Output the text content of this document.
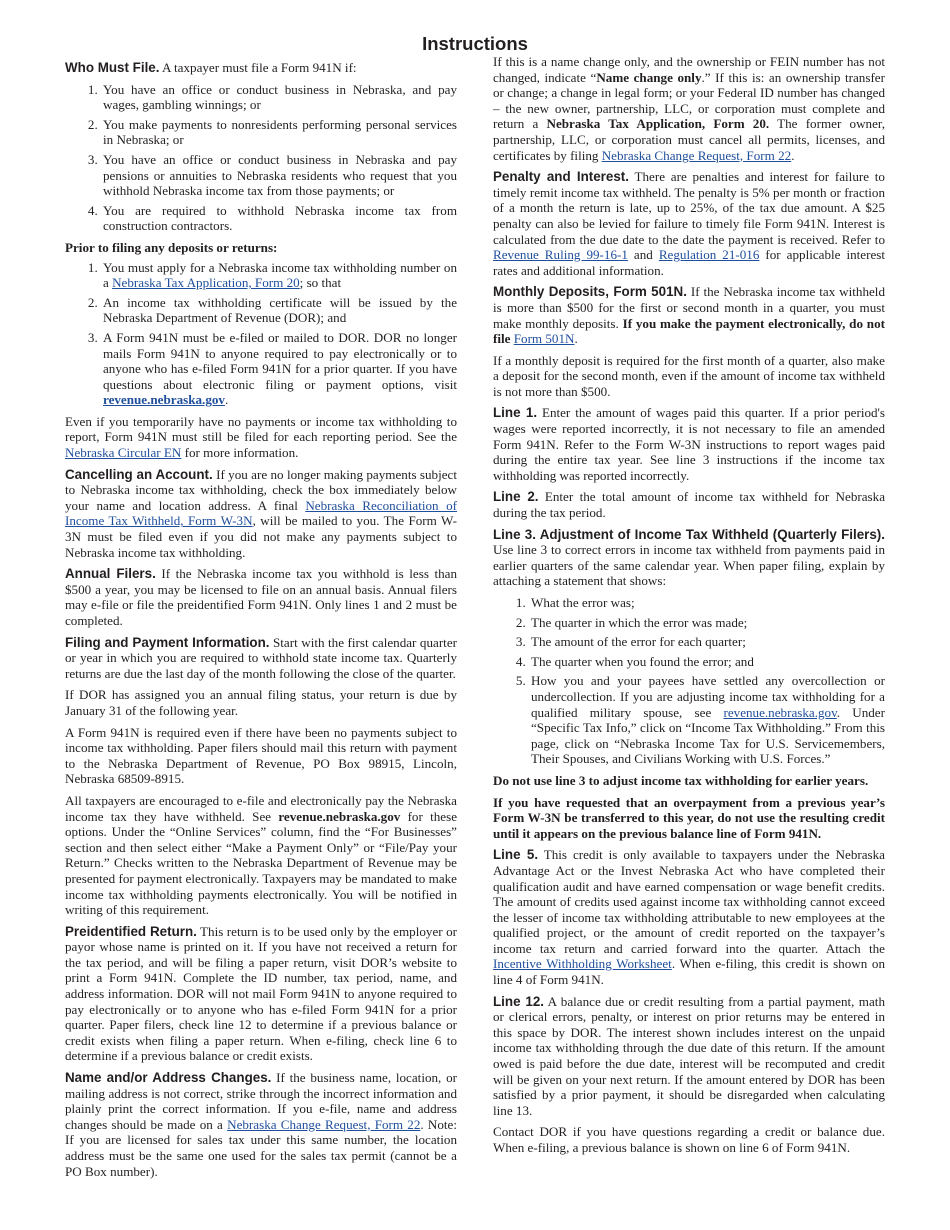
Instructions

Who Must File. A taxpayer must file a Form 941N if:

1. You have an office or conduct business in Nebraska, and pay wages, gambling winnings; or
2. You make payments to nonresidents performing personal services in Nebraska; or
3. You have an office or conduct business in Nebraska and pay pensions or annuities to Nebraska residents who request that you withhold Nebraska income tax from those payments; or
4. You are required to withhold Nebraska income tax from construction contractors.
Prior to filing any deposits or returns:
1. You must apply for a Nebraska income tax withholding number on a Nebraska Tax Application, Form 20; so that
2. An income tax withholding certificate will be issued by the Nebraska Department of Revenue (DOR); and
3. A Form 941N must be e-filed or mailed to DOR. DOR no longer mails Form 941N to anyone required to pay electronically or to anyone who has e-filed Form 941N for a prior quarter. If you have questions about electronic filing or payment options, visit revenue.nebraska.gov.

Even if you temporarily have no payments or income tax withholding to report, Form 941N must still be filed for each reporting period. See the Nebraska Circular EN for more information.

Cancelling an Account. If you are no longer making payments subject to Nebraska income tax withholding, check the box immediately below your name and location address. A final Nebraska Reconciliation of Income Tax Withheld, Form W-3N, will be mailed to you. The Form W-3N must be filed even if you did not make any payments subject to Nebraska income tax withholding.

Annual Filers. If the Nebraska income tax you withhold is less than $500 a year, you may be licensed to file on an annual basis. Annual filers may e-file or file the preidentified Form 941N. Only lines 1 and 2 must be completed.

Filing and Payment Information. Start with the first calendar quarter or year in which you are required to withhold state income tax. Quarterly returns are due the last day of the month following the close of the quarter.

If DOR has assigned you an annual filing status, your return is due by January 31 of the following year.

A Form 941N is required even if there have been no payments subject to income tax withholding. Paper filers should mail this return with payment to the Nebraska Department of Revenue, PO Box 98915, Lincoln, Nebraska 68509-8915.

All taxpayers are encouraged to e-file and electronically pay the Nebraska income tax they have withheld. See revenue.nebraska.gov for these options. Under the “Online Services” column, find the “For Businesses” section and then select either “Make a Payment Only” or “File/Pay your Return.” Checks written to the Nebraska Department of Revenue may be presented for payment electronically. Taxpayers may be mandated to make income tax withholding payments electronically. You will be notified in writing of this requirement.

Preidentified Return. This return is to be used only by the employer or payor whose name is printed on it. If you have not received a return for the tax period, and will be filing a paper return, visit DOR’s website to print a Form 941N. Complete the ID number, tax period, name, and address information. DOR will not mail Form 941N to anyone required to pay electronically or to anyone who has e-filed Form 941N for a prior quarter. Paper filers, check line 12 to determine if a previous balance or credit exists when filing a paper return. When e-filing, check line 6 to determine if a previous balance or credit exists.

Name and/or Address Changes. If the business name, location, or mailing address is not correct, strike through the incorrect information and plainly print the correct information. If you e-file, name and address changes should be made on a Nebraska Change Request, Form 22. Note: If you are licensed for sales tax under this same number, the location address must be the same one used for the sales tax permit (cannot be a PO Box number).

If this is a name change only, and the ownership or FEIN number has not changed, indicate “Name change only.” If this is: an ownership transfer or change; a change in legal form; or your Federal ID number has changed – the new owner, partnership, LLC, or corporation must complete and return a Nebraska Tax Application, Form 20. The former owner, partnership, LLC, or corporation must cancel all permits, licenses, and certificates by filing Nebraska Change Request, Form 22.

Penalty and Interest. There are penalties and interest for failure to timely remit income tax withheld. The penalty is 5% per month or fraction of a month the return is late, up to 25%, of the tax due amount. A $25 penalty can also be levied for failure to timely file Form 941N. Interest is calculated from the due date to the date the payment is received. Refer to Revenue Ruling 99-16-1 and Regulation 21-016 for applicable interest rates and additional information.

Monthly Deposits, Form 501N. If the Nebraska income tax withheld is more than $500 for the first or second month in a quarter, you must make monthly deposits. If you make the payment electronically, do not file Form 501N.

If a monthly deposit is required for the first month of a quarter, also make a deposit for the second month, even if the amount of income tax withheld is not more than $500.

Line 1. Enter the amount of wages paid this quarter. If a prior period's wages were reported incorrectly, it is not necessary to file an amended Form 941N. Refer to the Form W-3N instructions to report wages paid during the entire tax year. See line 3 instructions if the income tax withholding was reported incorrectly.

Line 2. Enter the total amount of income tax withheld for Nebraska during the tax period.

Line 3. Adjustment of Income Tax Withheld (Quarterly Filers). Use line 3 to correct errors in income tax withheld from payments paid in earlier quarters of the same calendar year. When paper filing, explain by attaching a statement that shows:

1. What the error was;
2. The quarter in which the error was made;
3. The amount of the error for each quarter;
4. The quarter when you found the error; and
5. How you and your payees have settled any overcollection or undercollection. If you are adjusting income tax withholding for a qualified military spouse, see revenue.nebraska.gov. Under “Specific Tax Info,” click on “Income Tax Withholding.” From this page, click on “Nebraska Income Tax for U.S. Servicemembers, Their Spouses, and Civilians Working with U.S. Forces.”
Do not use line 3 to adjust income tax withholding for earlier years.
If you have requested that an overpayment from a previous year’s Form W-3N be transferred to this year, do not use the resulting credit until it appears on the previous balance line of Form 941N.

Line 5. This credit is only available to taxpayers under the Nebraska Advantage Act or the Invest Nebraska Act who have completed their qualification audit and have earned compensation or wage benefit credits. The amount of credits used against income tax withholding cannot exceed the lesser of income tax withholding attributable to new employees at the qualified project, or the amount of credit reported on the taxpayer’s income tax return and carried forward into the quarter. Attach the Incentive Withholding Worksheet. When e-filing, this credit is shown on line 4 of Form 941N.

Line 12. A balance due or credit resulting from a partial payment, math or clerical errors, penalty, or interest on prior returns may be entered in this space by DOR. The interest shown includes interest on the unpaid income tax withholding through the due date of this return. If the amount owed is paid before the due date, interest will be recomputed and credit will be given on your next return. If the amount entered by DOR has been satisfied by a prior payment, it should be disregarded when calculating line 13.

Contact DOR if you have questions regarding a credit or balance due. When e-filing, a previous balance is shown on line 6 of Form 941N.
